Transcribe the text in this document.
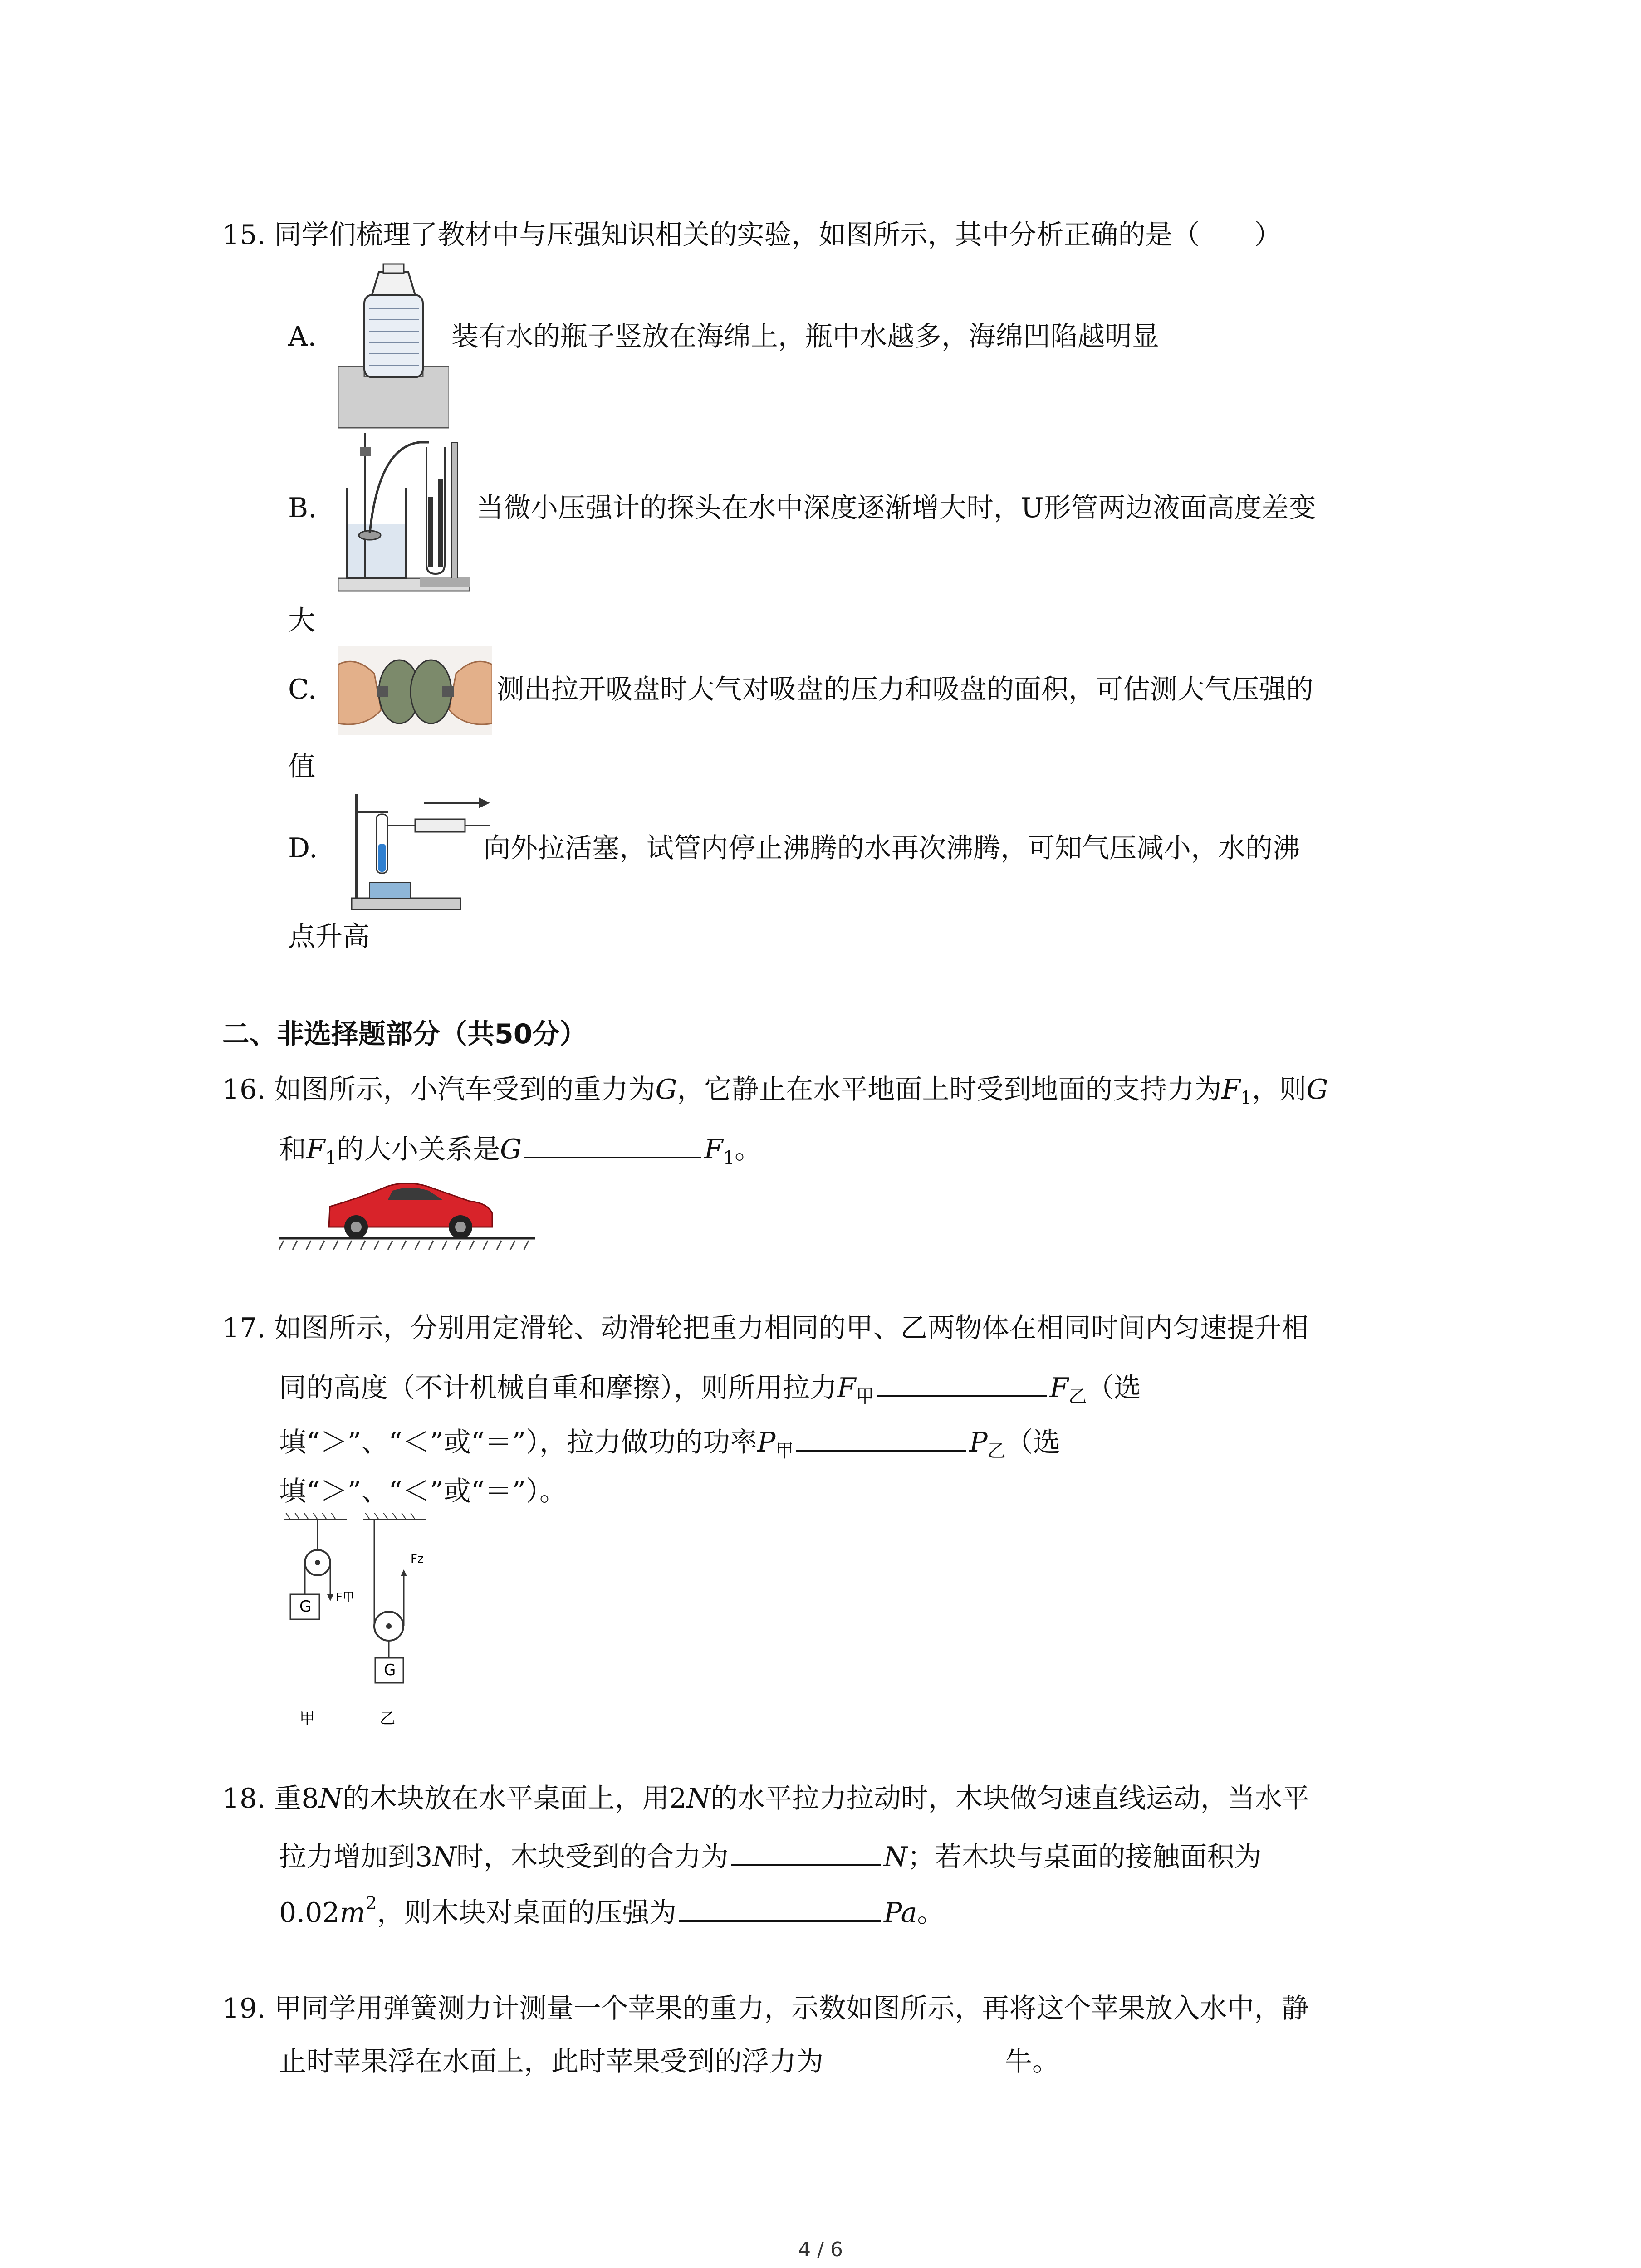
15. 同学们梳理了教材中与压强知识相关的实验，如图所示，其中分析正确的是（　　）
A.	装有水的瓶子竖放在海绵上，瓶中水越多，海绵凹陷越明显
B.	当微小压强计的探头在水中深度逐渐增大时，U形管两边液面高度差变
大
C.	测出拉开吸盘时大气对吸盘的压力和吸盘的面积，可估测大气压强的
值
D.	向外拉活塞，试管内停止沸腾的水再次沸腾，可知气压减小，水的沸
点升高
二、非选择题部分（共50分）
16. 如图所示，小汽车受到的重力为G，它静止在水平地面上时受到地面的支持力为$F_1$，则G
和$F_1$的大小关系是G	$F_1$。
17. 如图所示，分别用定滑轮、动滑轮把重力相同的甲、乙两物体在相同时间内匀速提升相
同的高度（不计机械自重和摩擦），则所用拉力$F_甲$	$F_乙$（选
填“＞”、“＜”或“＝”），拉力做功的功率$P_甲$	$P_乙$（选
填“＞”、“＜”或“＝”）。
F甲
G
Fz
G
甲	乙
18. 重8N的木块放在水平桌面上，用2N的水平拉力拉动时，木块做匀速直线运动，当水平
拉力增加到3N时，木块受到的合力为	N；若木块与桌面的接触面积为
$0.02m^2$，则木块对桌面的压强为	Pa。
19. 甲同学用弹簧测力计测量一个苹果的重力，示数如图所示，再将这个苹果放入水中，静
止时苹果浮在水面上，此时苹果受到的浮力为	牛。
4 / 6
